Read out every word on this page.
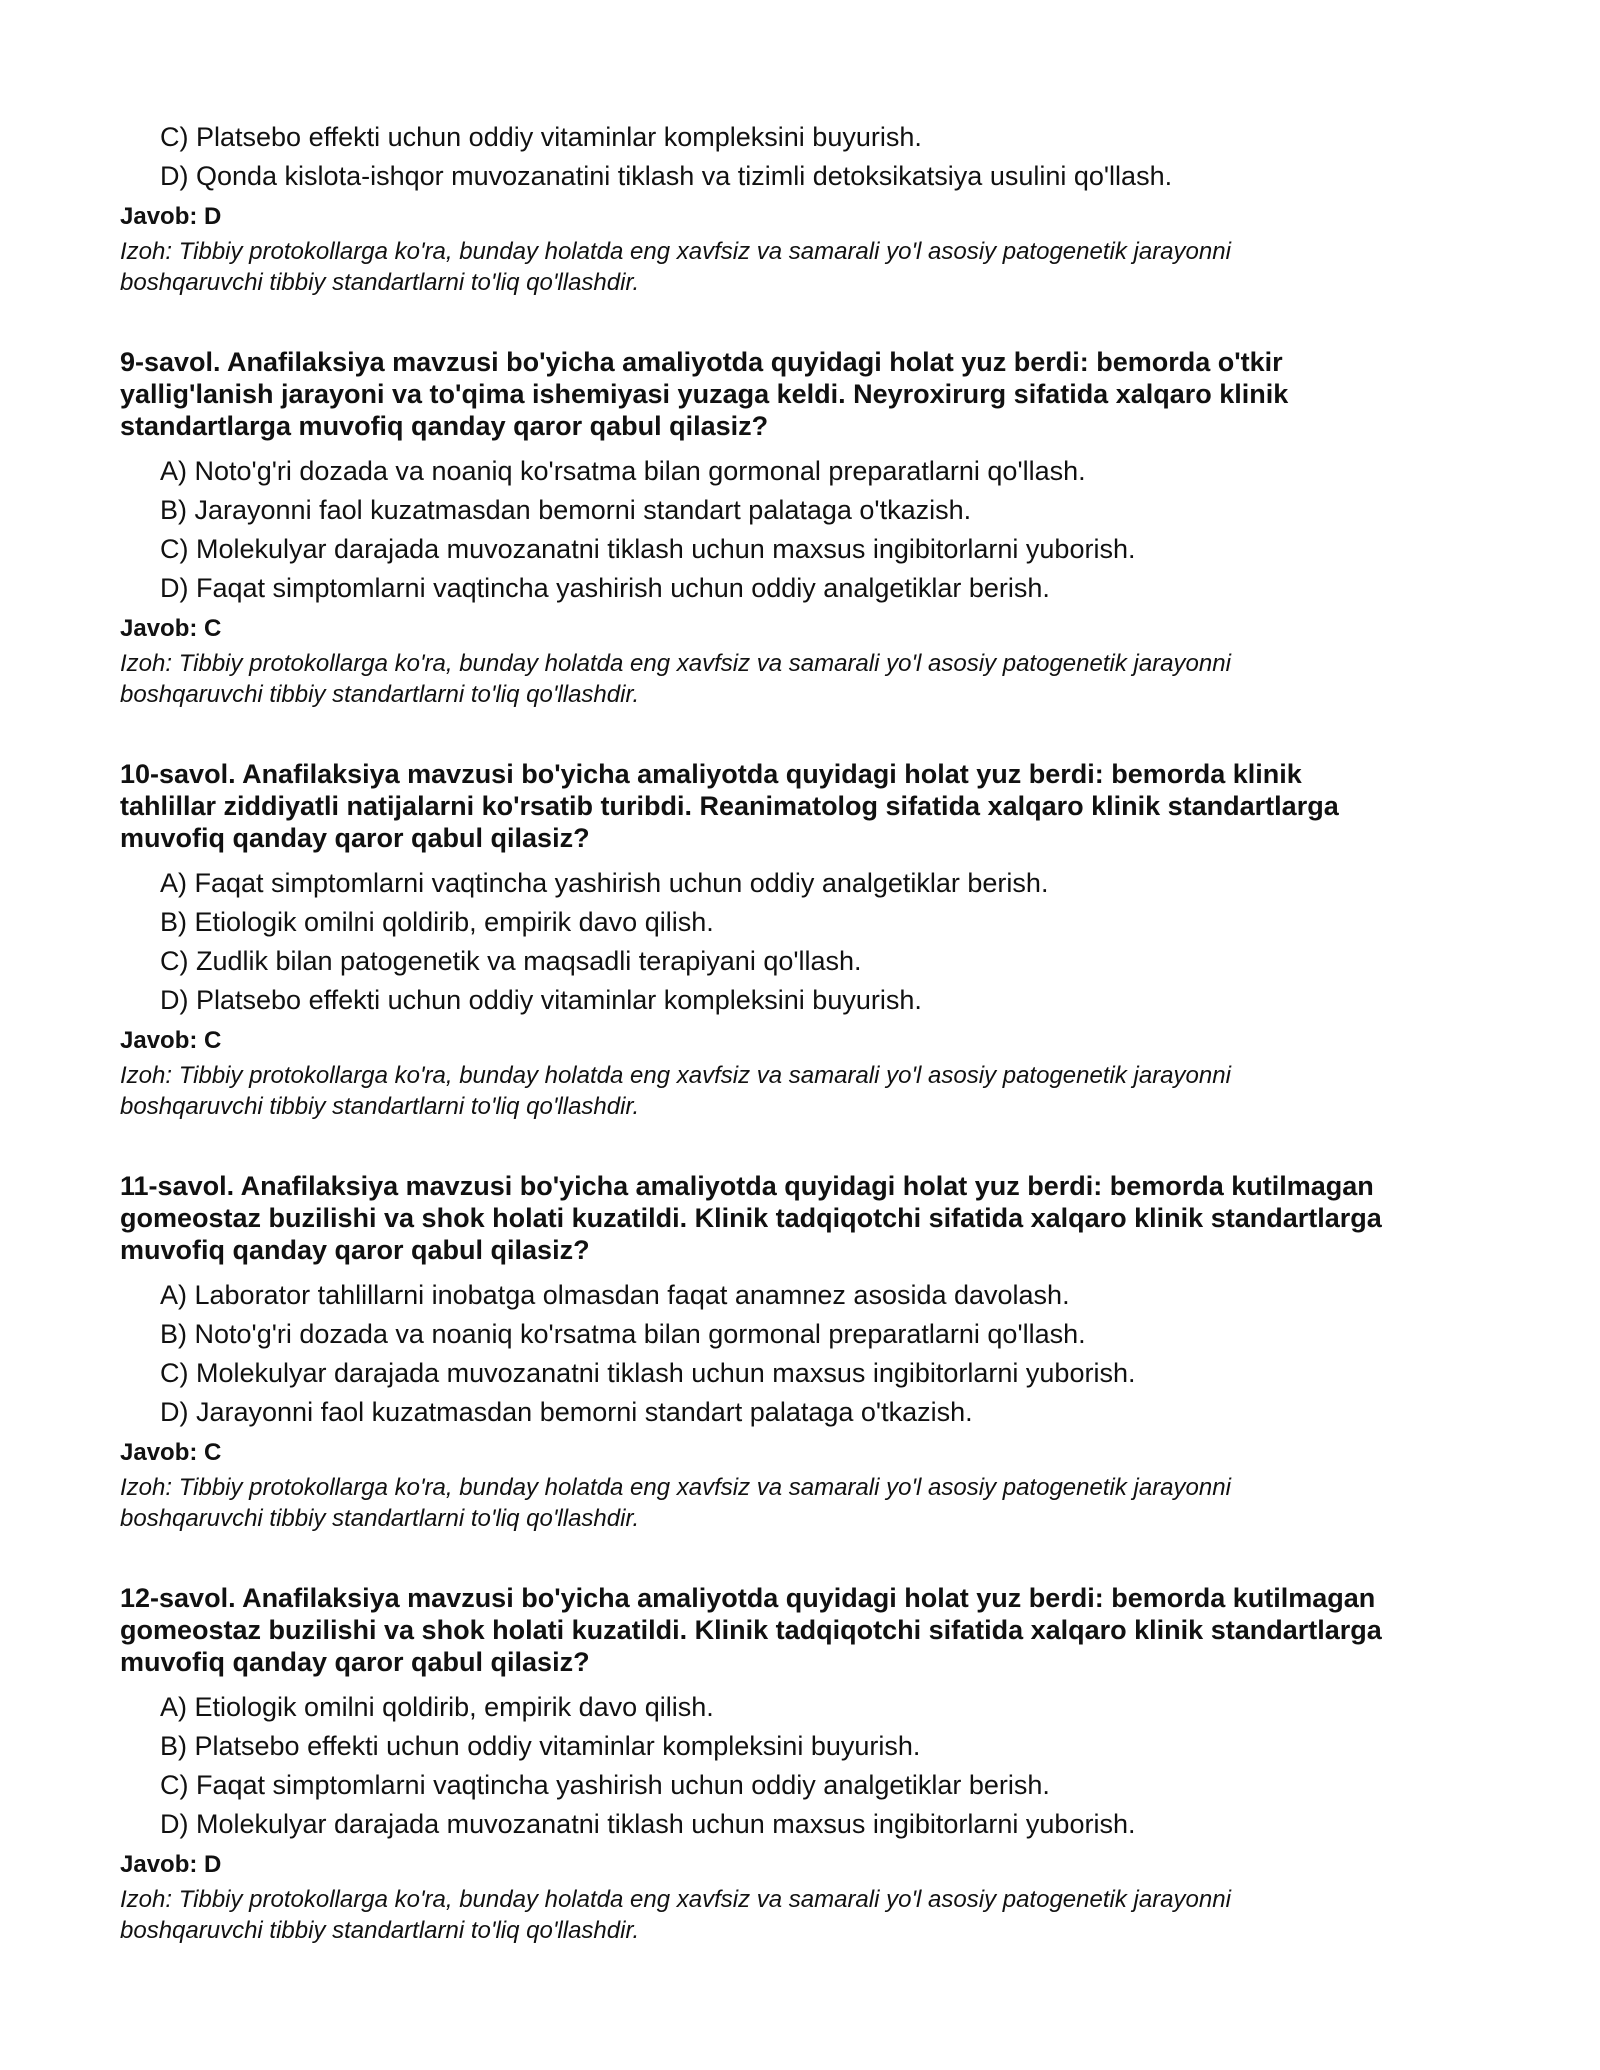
C) Platsebo effekti uchun oddiy vitaminlar kompleksini buyurish.
D) Qonda kislota-ishqor muvozanatini tiklash va tizimli detoksikatsiya usulini qo'llash.
Javob: D
Izoh: Tibbiy protokollarga ko'ra, bunday holatda eng xavfsiz va samarali yo'l asosiy patogenetik jarayonni
boshqaruvchi tibbiy standartlarni to'liq qo'llashdir.
9-savol. Anafilaksiya mavzusi bo'yicha amaliyotda quyidagi holat yuz berdi: bemorda o'tkir
yallig'lanish jarayoni va to'qima ishemiyasi yuzaga keldi. Neyroxirurg sifatida xalqaro klinik
standartlarga muvofiq qanday qaror qabul qilasiz?
A) Noto'g'ri dozada va noaniq ko'rsatma bilan gormonal preparatlarni qo'llash.
B) Jarayonni faol kuzatmasdan bemorni standart palataga o'tkazish.
C) Molekulyar darajada muvozanatni tiklash uchun maxsus ingibitorlarni yuborish.
D) Faqat simptomlarni vaqtincha yashirish uchun oddiy analgetiklar berish.
Javob: C
Izoh: Tibbiy protokollarga ko'ra, bunday holatda eng xavfsiz va samarali yo'l asosiy patogenetik jarayonni
boshqaruvchi tibbiy standartlarni to'liq qo'llashdir.
10-savol. Anafilaksiya mavzusi bo'yicha amaliyotda quyidagi holat yuz berdi: bemorda klinik
tahlillar ziddiyatli natijalarni ko'rsatib turibdi. Reanimatolog sifatida xalqaro klinik standartlarga
muvofiq qanday qaror qabul qilasiz?
A) Faqat simptomlarni vaqtincha yashirish uchun oddiy analgetiklar berish.
B) Etiologik omilni qoldirib, empirik davo qilish.
C) Zudlik bilan patogenetik va maqsadli terapiyani qo'llash.
D) Platsebo effekti uchun oddiy vitaminlar kompleksini buyurish.
Javob: C
Izoh: Tibbiy protokollarga ko'ra, bunday holatda eng xavfsiz va samarali yo'l asosiy patogenetik jarayonni
boshqaruvchi tibbiy standartlarni to'liq qo'llashdir.
11-savol. Anafilaksiya mavzusi bo'yicha amaliyotda quyidagi holat yuz berdi: bemorda kutilmagan
gomeostaz buzilishi va shok holati kuzatildi. Klinik tadqiqotchi sifatida xalqaro klinik standartlarga
muvofiq qanday qaror qabul qilasiz?
A) Laborator tahlillarni inobatga olmasdan faqat anamnez asosida davolash.
B) Noto'g'ri dozada va noaniq ko'rsatma bilan gormonal preparatlarni qo'llash.
C) Molekulyar darajada muvozanatni tiklash uchun maxsus ingibitorlarni yuborish.
D) Jarayonni faol kuzatmasdan bemorni standart palataga o'tkazish.
Javob: C
Izoh: Tibbiy protokollarga ko'ra, bunday holatda eng xavfsiz va samarali yo'l asosiy patogenetik jarayonni
boshqaruvchi tibbiy standartlarni to'liq qo'llashdir.
12-savol. Anafilaksiya mavzusi bo'yicha amaliyotda quyidagi holat yuz berdi: bemorda kutilmagan
gomeostaz buzilishi va shok holati kuzatildi. Klinik tadqiqotchi sifatida xalqaro klinik standartlarga
muvofiq qanday qaror qabul qilasiz?
A) Etiologik omilni qoldirib, empirik davo qilish.
B) Platsebo effekti uchun oddiy vitaminlar kompleksini buyurish.
C) Faqat simptomlarni vaqtincha yashirish uchun oddiy analgetiklar berish.
D) Molekulyar darajada muvozanatni tiklash uchun maxsus ingibitorlarni yuborish.
Javob: D
Izoh: Tibbiy protokollarga ko'ra, bunday holatda eng xavfsiz va samarali yo'l asosiy patogenetik jarayonni
boshqaruvchi tibbiy standartlarni to'liq qo'llashdir.
